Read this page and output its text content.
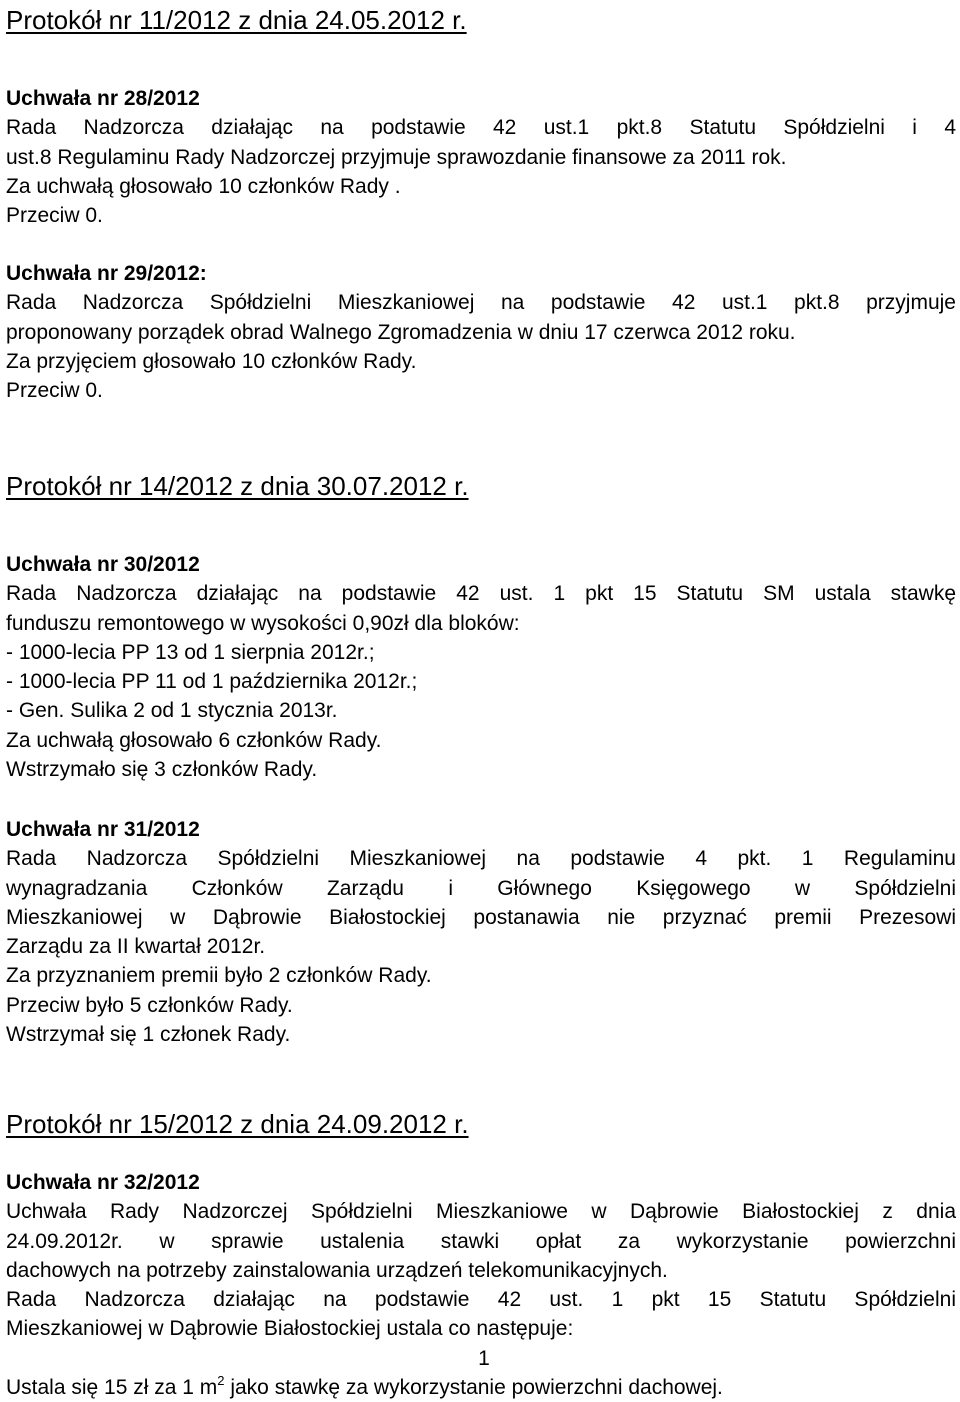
Protokół nr 11/2012 z dnia 24.05.2012 r.

Uchwała nr 28/2012

Rada Nadzorcza działając na podstawie 42 ust.1 pkt.8 Statutu Spółdzielni i 4

ust.8 Regulaminu Rady Nadzorczej przyjmuje sprawozdanie finansowe za 2011 rok.

Za uchwałą głosowało 10 członków Rady .

Przeciw 0.

Uchwała nr 29/2012:

Rada Nadzorcza Spółdzielni Mieszkaniowej na podstawie 42 ust.1 pkt.8 przyjmuje

proponowany porządek obrad Walnego Zgromadzenia w dniu 17 czerwca 2012 roku.

Za przyjęciem głosowało 10 członków Rady.

Przeciw 0.

Protokół nr 14/2012 z dnia 30.07.2012 r.

Uchwała nr 30/2012

Rada Nadzorcza działając na podstawie 42 ust. 1 pkt 15 Statutu SM ustala stawkę

funduszu remontowego w wysokości 0,90zł dla bloków:

- 1000-lecia PP 13 od 1 sierpnia 2012r.;

- 1000-lecia PP 11 od 1 października 2012r.;

- Gen. Sulika 2 od 1 stycznia 2013r.

Za uchwałą głosowało 6 członków Rady.

Wstrzymało się 3 członków Rady.

Uchwała nr 31/2012

Rada Nadzorcza Spółdzielni Mieszkaniowej na podstawie 4 pkt. 1 Regulaminu

wynagradzania Członków Zarządu i Głównego Księgowego w Spółdzielni

Mieszkaniowej w Dąbrowie Białostockiej postanawia nie przyznać premii Prezesowi

Zarządu za II kwartał 2012r.

Za przyznaniem premii było 2 członków Rady.

Przeciw było 5 członków Rady.

Wstrzymał się 1 członek Rady.

Protokół nr 15/2012 z dnia 24.09.2012 r.

Uchwała nr 32/2012

Uchwała Rady Nadzorczej Spółdzielni Mieszkaniowe w Dąbrowie Białostockiej z dnia

24.09.2012r. w sprawie ustalenia stawki opłat za wykorzystanie powierzchni

dachowych na potrzeby zainstalowania urządzeń telekomunikacyjnych.

Rada Nadzorcza działając na podstawie 42 ust. 1 pkt 15 Statutu Spółdzielni

Mieszkaniowej w Dąbrowie Białostockiej ustala co następuje:

1

Ustala się 15 zł za 1 $m^2$ jako stawkę za wykorzystanie powierzchni dachowej.
